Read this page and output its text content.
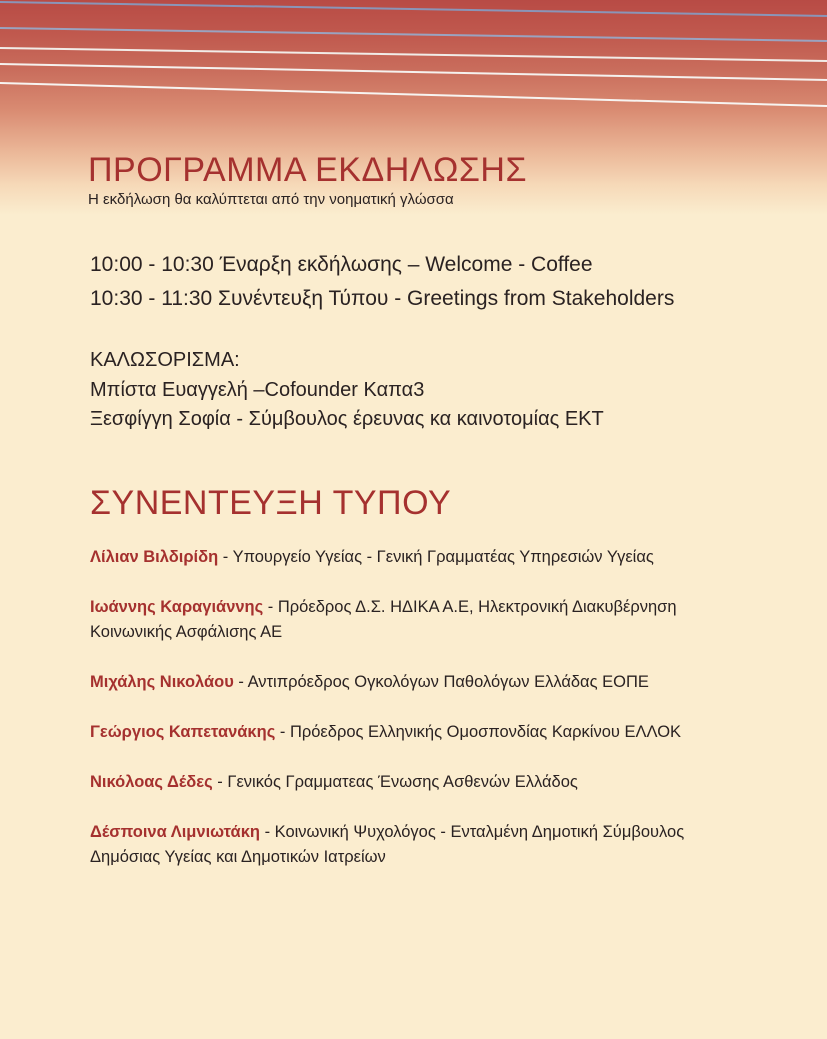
ΠΡΟΓΡΑΜΜΑ ΕΚΔΗΛΩΣΗΣ
Η εκδήλωση θα καλύπτεται από την νοηματική γλώσσα
10:00 - 10:30 Έναρξη εκδήλωσης – Welcome - Coffee
10:30 - 11:30 Συνέντευξη Τύπου - Greetings from Stakeholders
ΚΑΛΩΣΟΡΙΣΜΑ:
Μπίστα Ευαγγελή –Cofounder Καπα3
Ξεσφίγγη Σοφία - Σύμβουλος έρευνας κα καινοτομίας ΕΚΤ
ΣΥΝΕΝΤΕΥΞΗ ΤΥΠΟΥ
Λίλιαν Βιλδιρίδη - Υπουργείο Υγείας - Γενική Γραμματέας Υπηρεσιών Υγείας
Ιωάννης Καραγιάννης - Πρόεδρος Δ.Σ. ΗΔΙΚΑ Α.Ε, Ηλεκτρονική Διακυβέρνηση Κοινωνικής Ασφάλισης ΑΕ
Μιχάλης Νικολάου - Αντιπρόεδρος Ογκολόγων Παθολόγων Ελλάδας ΕΟΠΕ
Γεώργιος Καπετανάκης - Πρόεδρος Ελληνικής Ομοσπονδίας Καρκίνου ΕΛΛΟΚ
Νικόλοας Δέδες - Γενικός Γραμματεας Ένωσης Ασθενών Ελλάδος
Δέσποινα Λιμνιωτάκη - Κοινωνική Ψυχολόγος - Ενταλμένη Δημοτική Σύμβουλος Δημόσιας Υγείας και Δημοτικών Ιατρείων
